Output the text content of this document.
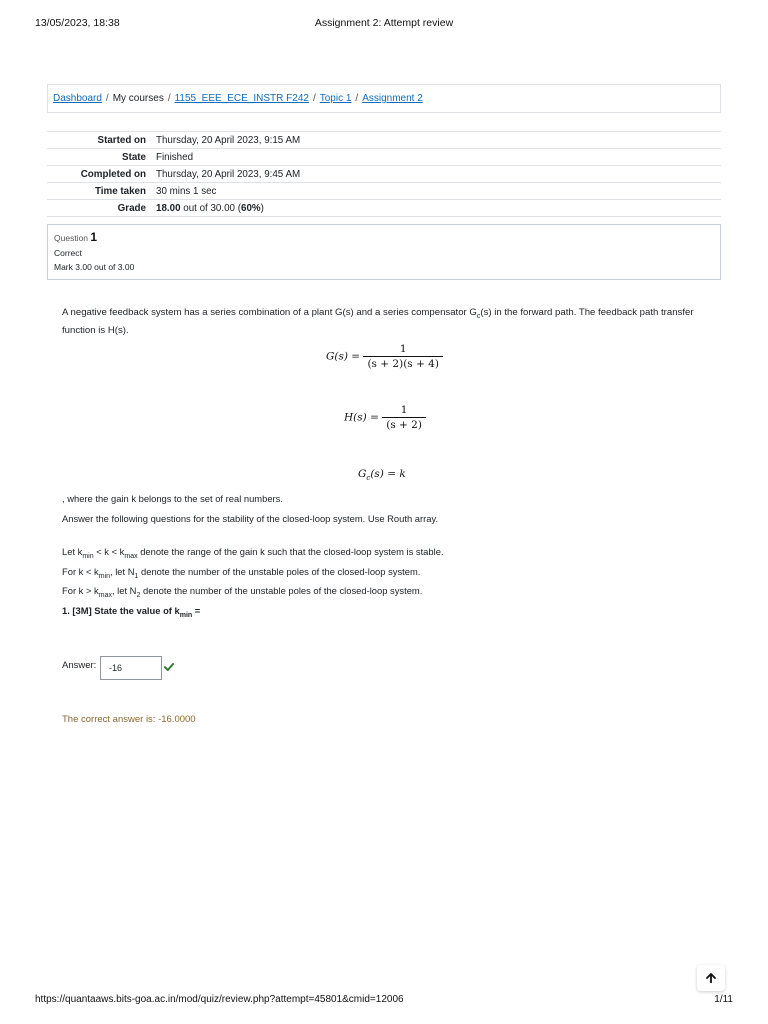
13/05/2023, 18:38	Assignment 2: Attempt review
Dashboard / My courses / 1155_EEE_ECE_INSTR F242 / Topic 1 / Assignment 2
Started on	Thursday, 20 April 2023, 9:15 AM
State	Finished
Completed on	Thursday, 20 April 2023, 9:45 AM
Time taken	30 mins 1 sec
Grade	18.00 out of 30.00 (60%)
Question 1
Correct
Mark 3.00 out of 3.00
A negative feedback system has a series combination of a plant G(s) and a series compensator $G_c(s)$ in the forward path. The feedback path transfer function is H(s).
$G(s) = \frac{1}{(s + 2)(s + 4)}$
$H(s) = \frac{1}{(s + 2)}$
$G_c(s) = k$
, where the gain k belongs to the set of real numbers.
Answer the following questions for the stability of the closed-loop system. Use Routh array.
Let $k_{min} < k < k_{max}$ denote the range of the gain k such that the closed-loop system is stable.
For $k < k_{min}$, let $N_1$ denote the number of the unstable poles of the closed-loop system.
For $k > k_{max}$, let $N_2$ denote the number of the unstable poles of the closed-loop system.
1. [3M] State the value of $k_{min}$ =
Answer:	-16
The correct answer is: -16.0000
https://quantaaws.bits-goa.ac.in/mod/quiz/review.php?attempt=45801&cmid=12006	1/11
